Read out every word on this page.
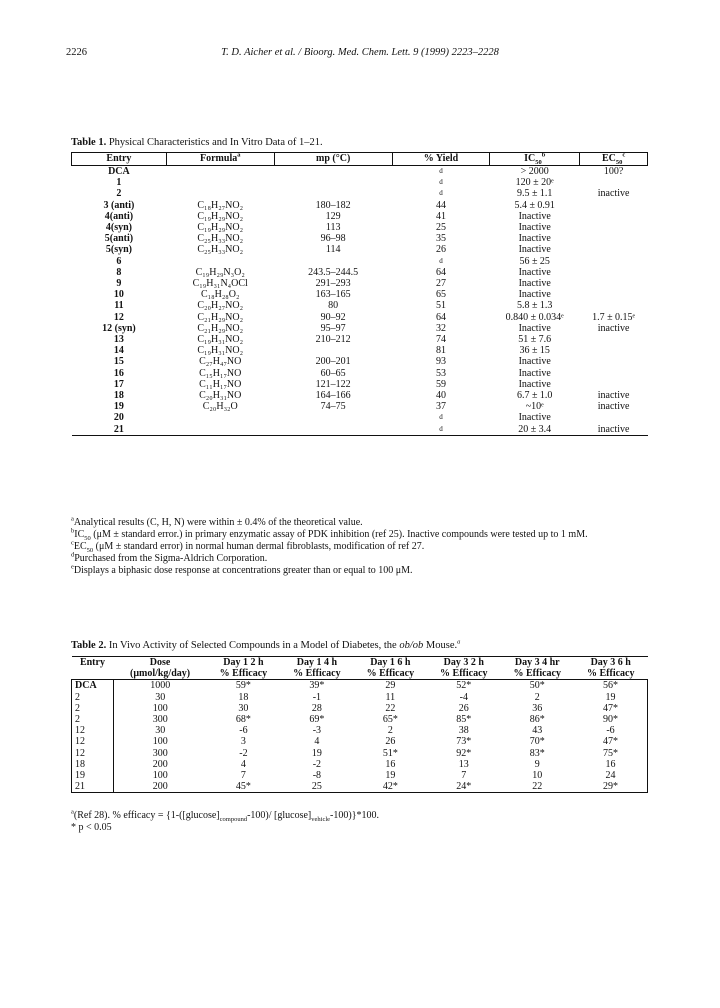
2226	T. D. Aicher et al. / Bioorg. Med. Chem. Lett. 9 (1999) 2223–2228
Table 1. Physical Characteristics and In Vitro Data of 1–21.
Entry	Formula$^a$	mp (°C)	% Yield	$IC_{50}^b$	$EC_{50}^c$
DCA			d	> 2000	100?
1			d	120 ± 20ᵉ	
2			d	9.5 ± 1.1	inactive
3 (anti)	C₁₈H₂₇NO₂	180–182	44	5.4 ± 0.91	
4(anti)	C₁₉H₂₉NO₂	129	41	Inactive	
4(syn)	C₁₉H₂₉NO₂	113	25	Inactive	
5(anti)	C₂₅H₃₃NO₂	96–98	35	Inactive	
5(syn)	C₂₅H₃₃NO₂	114	26	Inactive	
6			d	56 ± 25	
8	C₁₉H₂₉N₃O₂	243.5–244.5	64	Inactive	
9	C₁₉H₃₁N₄OCl	291–293	27	Inactive	
10	C₁₈H₂₈O₂	163–165	65	Inactive	
11	C₂₀H₂₇NO₂	80	51	5.8 ± 1.3	
12	C₂₁H₂₉NO₂	90–92	64	0.840 ± 0.034ᵉ	1.7 ± 0.15ᵉ
12 (syn)	C₂₁H₂₉NO₂	95–97	32	Inactive	inactive
13	C₁₉H₃₁NO₂	210–212	74	51 ± 7.6	
14	C₁₉H₃₁NO₂		81	36 ± 15	
15	C₂₇H₄₇NO	200–201	93	Inactive	
16	C₁₅H₁₇NO	60–65	53	Inactive	
17	C₁₁H₁₇NO	121–122	59	Inactive	
18	C₂₀H₃₁NO	164–166	40	6.7 ± 1.0	inactive
19	C₂₀H₃₂O	74–75	37	~10ᵉ	inactive
20			d	Inactive	
21			d	20 ± 3.4	inactive
$^a$Analytical results (C, H, N) were within ± 0.4% of the theoretical value.
$^bIC_{50}$ (μM ± standard error.) in primary enzymatic assay of PDK inhibition (ref 25). Inactive compounds were tested up to 1 mM.
$^cEC_{50}$ (μM ± standard error) in normal human dermal fibroblasts, modification of ref 27.
$^d$Purchased from the Sigma-Aldrich Corporation.
$^e$Displays a biphasic dose response at concentrations greater than or equal to 100 μM.
Table 2. In Vivo Activity of Selected Compounds in a Model of Diabetes, the ob/ob Mouse.$^a$
Entry	Dose	Day 1 2 h	Day 1 4 h	Day 1 6 h	Day 3 2 h	Day 3 4 hr	Day 3 6 h
	(μmol/kg/day)	% Efficacy	% Efficacy	% Efficacy	% Efficacy	% Efficacy	% Efficacy
DCA	1000	59*	39*	29	52*	50*	56*
2	30	18	-1	11	-4	2	19
2	100	30	28	22	26	36	47*
2	300	68*	69*	65*	85*	86*	90*
12	30	-6	-3	2	38	43	-6
12	100	3	4	26	73*	70*	47*
12	300	-2	19	51*	92*	83*	75*
18	200	4	-2	16	13	9	16
19	100	7	-8	19	7	10	24
21	200	45*	25	42*	24*	22	29*
$^a$(Ref 28). % efficacy = {$1-([glucose]_{compound}-100)/$ $[glucose]_{vehicle}-100)\}*100$.
* p < 0.05
